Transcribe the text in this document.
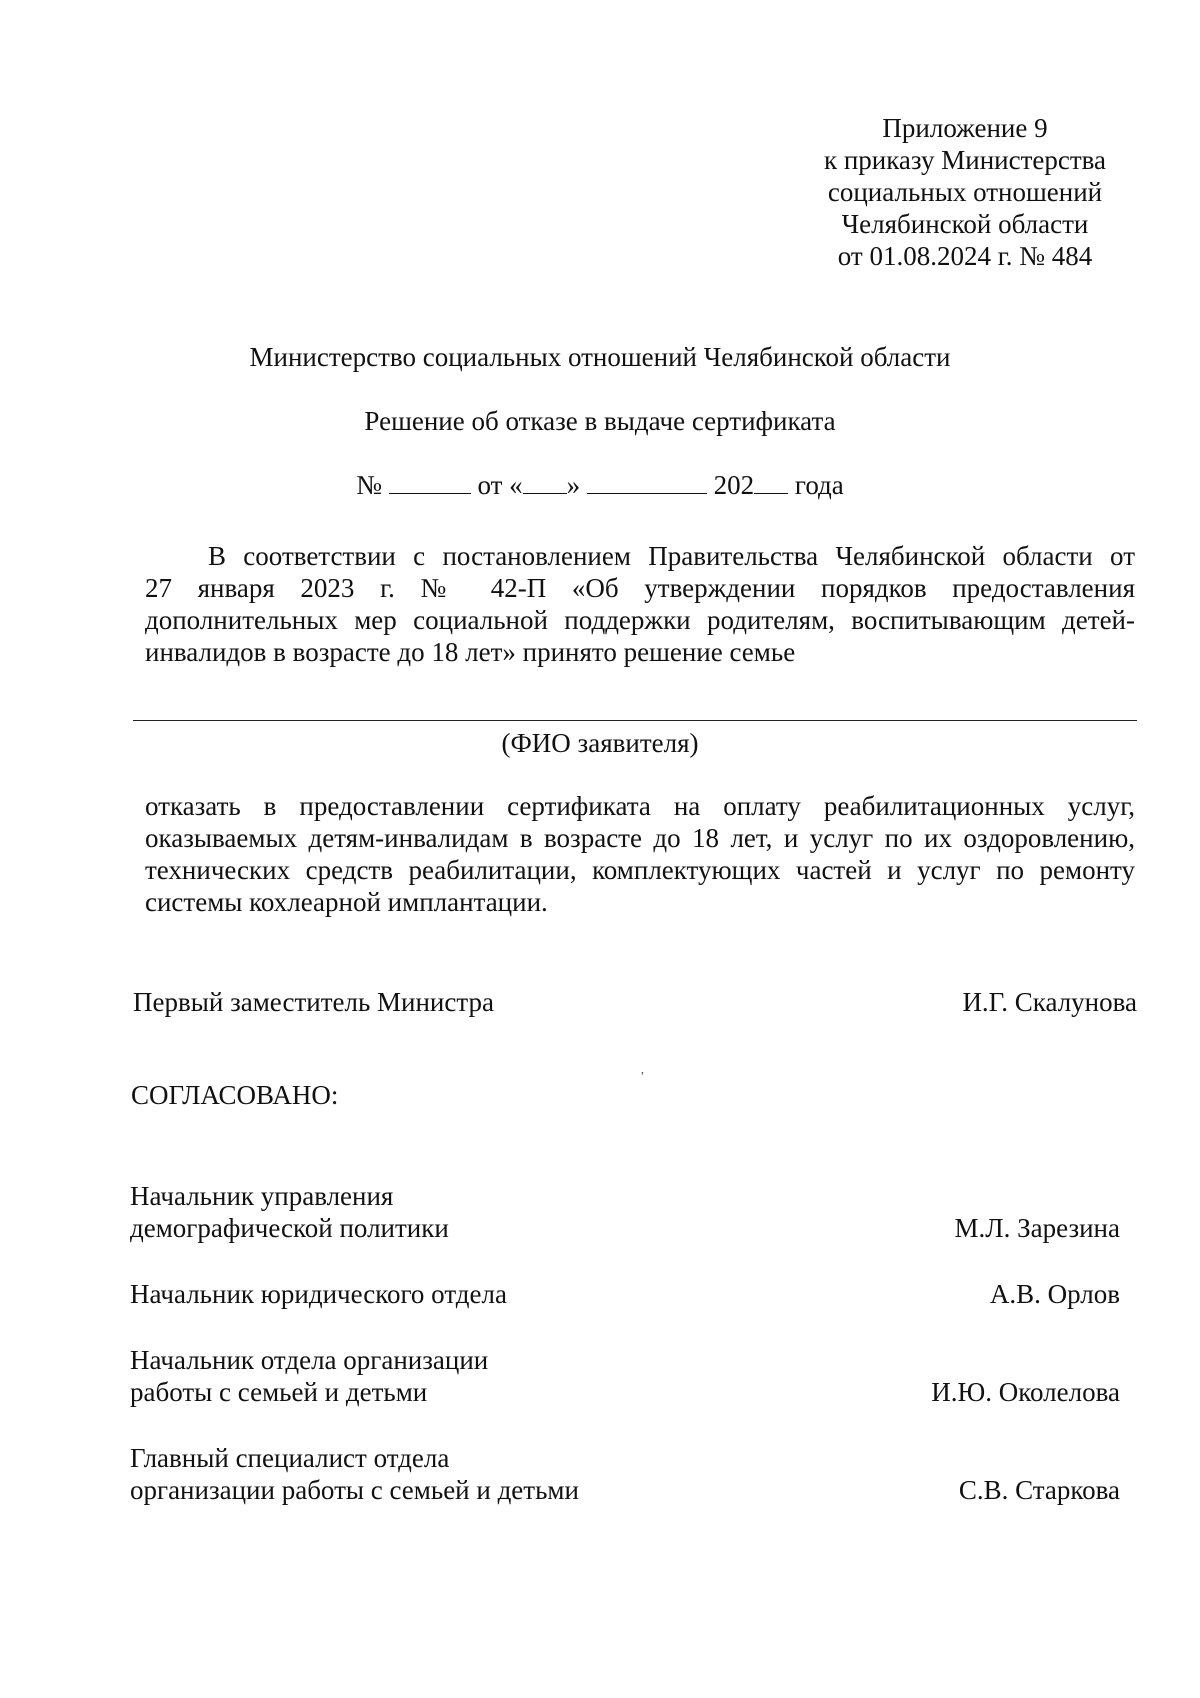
Приложение 9
к приказу Министерства
социальных отношений
Челябинской области
от 01.08.2024 г. № 484
Министерство социальных отношений Челябинской области
Решение об отказе в выдаче сертификата
№	от « »	202 года
В соответствии с постановлением Правительства Челябинской области от
27 января 2023 г. № 42-П «Об утверждении порядков предоставления
дополнительных мер социальной поддержки родителям, воспитывающим детей-
инвалидов в возрасте до 18 лет» принято решение семье
(ФИО заявителя)
отказать в предоставлении сертификата на оплату реабилитационных услуг,
оказываемых детям-инвалидам в возрасте до 18 лет, и услуг по их оздоровлению,
технических средств реабилитации, комплектующих частей и услуг по ремонту
системы кохлеарной имплантации.
Первый заместитель Министра	И.Г. Скалунова
,
СОГЛАСОВАНО:
Начальник управления
демографической политики	М.Л. Зарезина
Начальник юридического отдела	А.В. Орлов
Начальник отдела организации
работы с семьей и детьми	И.Ю. Околелова
Главный специалист отдела
организации работы с семьей и детьми	С.В. Старкова
